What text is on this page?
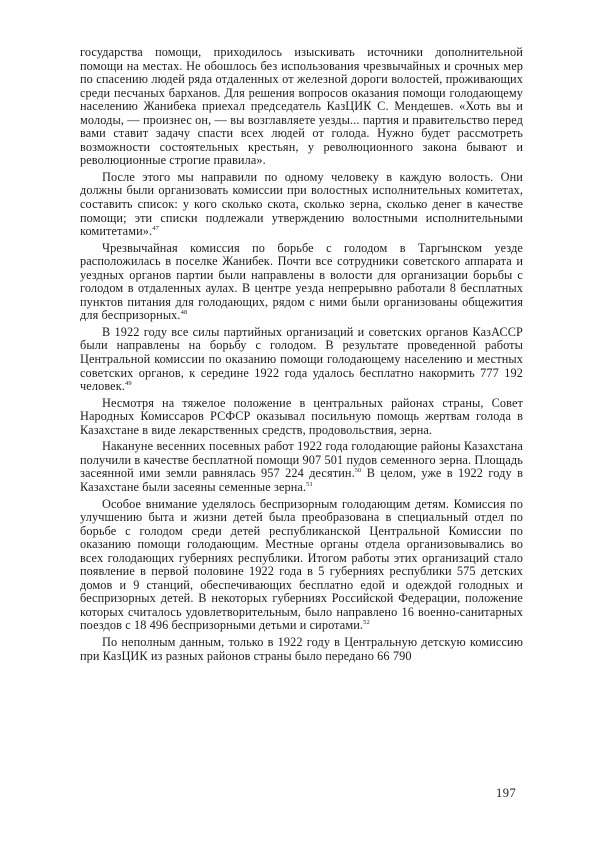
государства помощи, приходилось изыскивать источники дополнительной помощи на местах. Не обошлось без использования чрезвычайных и срочных мер по спасению людей ряда отдаленных от железной дороги волостей, проживающих среди песчаных барханов. Для решения вопросов оказания помощи голодающему населению Жанибека приехал председатель КазЦИК С. Мендешев. «Хоть вы и молоды, — произнес он, — вы возглавляете уезды... партия и правительство перед вами ставит задачу спасти всех людей от голода. Нужно будет рассмотреть возможности состоятельных крестьян, у революционного закона бывают и революционные строгие правила».

После этого мы направили по одному человеку в каждую волость. Они должны были организовать комиссии при волостных исполнительных комитетах, составить список: у кого сколько скота, сколько зерна, сколько денег в качестве помощи; эти списки подлежали утверждению волостными исполнительными комитетами».$^{47}$

Чрезвычайная комиссия по борьбе с голодом в Таргынском уезде расположилась в поселке Жанибек. Почти все сотрудники советского аппарата и уездных органов партии были направлены в волости для организации борьбы с голодом в отдаленных аулах. В центре уезда непрерывно работали 8 бесплатных пунктов питания для голодающих, рядом с ними были организованы общежития для беспризорных.$^{48}$

В 1922 году все силы партийных организаций и советских органов КазАССР были направлены на борьбу с голодом. В результате проведенной работы Центральной комиссии по оказанию помощи голодающему населению и местных советских органов, к середине 1922 года удалось бесплатно накормить 777 192 человек.$^{49}$

Несмотря на тяжелое положение в центральных районах страны, Совет Народных Комиссаров РСФСР оказывал посильную помощь жертвам голода в Казахстане в виде лекарственных средств, продовольствия, зерна.

Накануне весенних посевных работ 1922 года голодающие районы Казахстана получили в качестве бесплатной помощи 907 501 пудов семенного зерна. Площадь засеянной ими земли равнялась 957 224 десятин.$^{50}$ В целом, уже в 1922 году в Казахстане были засеяны семенные зерна.$^{51}$

Особое внимание уделялось беспризорным голодающим детям. Комиссия по улучшению быта и жизни детей была преобразована в специальный отдел по борьбе с голодом среди детей республиканской Центральной Комиссии по оказанию помощи голодающим. Местные органы отдела организовывались во всех голодающих губерниях республики. Итогом работы этих организаций стало появление в первой половине 1922 года в 5 губерниях республики 575 детских домов и 9 станций, обеспечивающих бесплатно едой и одеждой голодных и беспризорных детей. В некоторых губерниях Российской Федерации, положение которых считалось удовлетворительным, было направлено 16 военно-санитарных поездов с 18 496 беспризорными детьми и сиротами.$^{52}$

По неполным данным, только в 1922 году в Центральную детскую комиссию при КазЦИК из разных районов страны было передано 66 790

197
